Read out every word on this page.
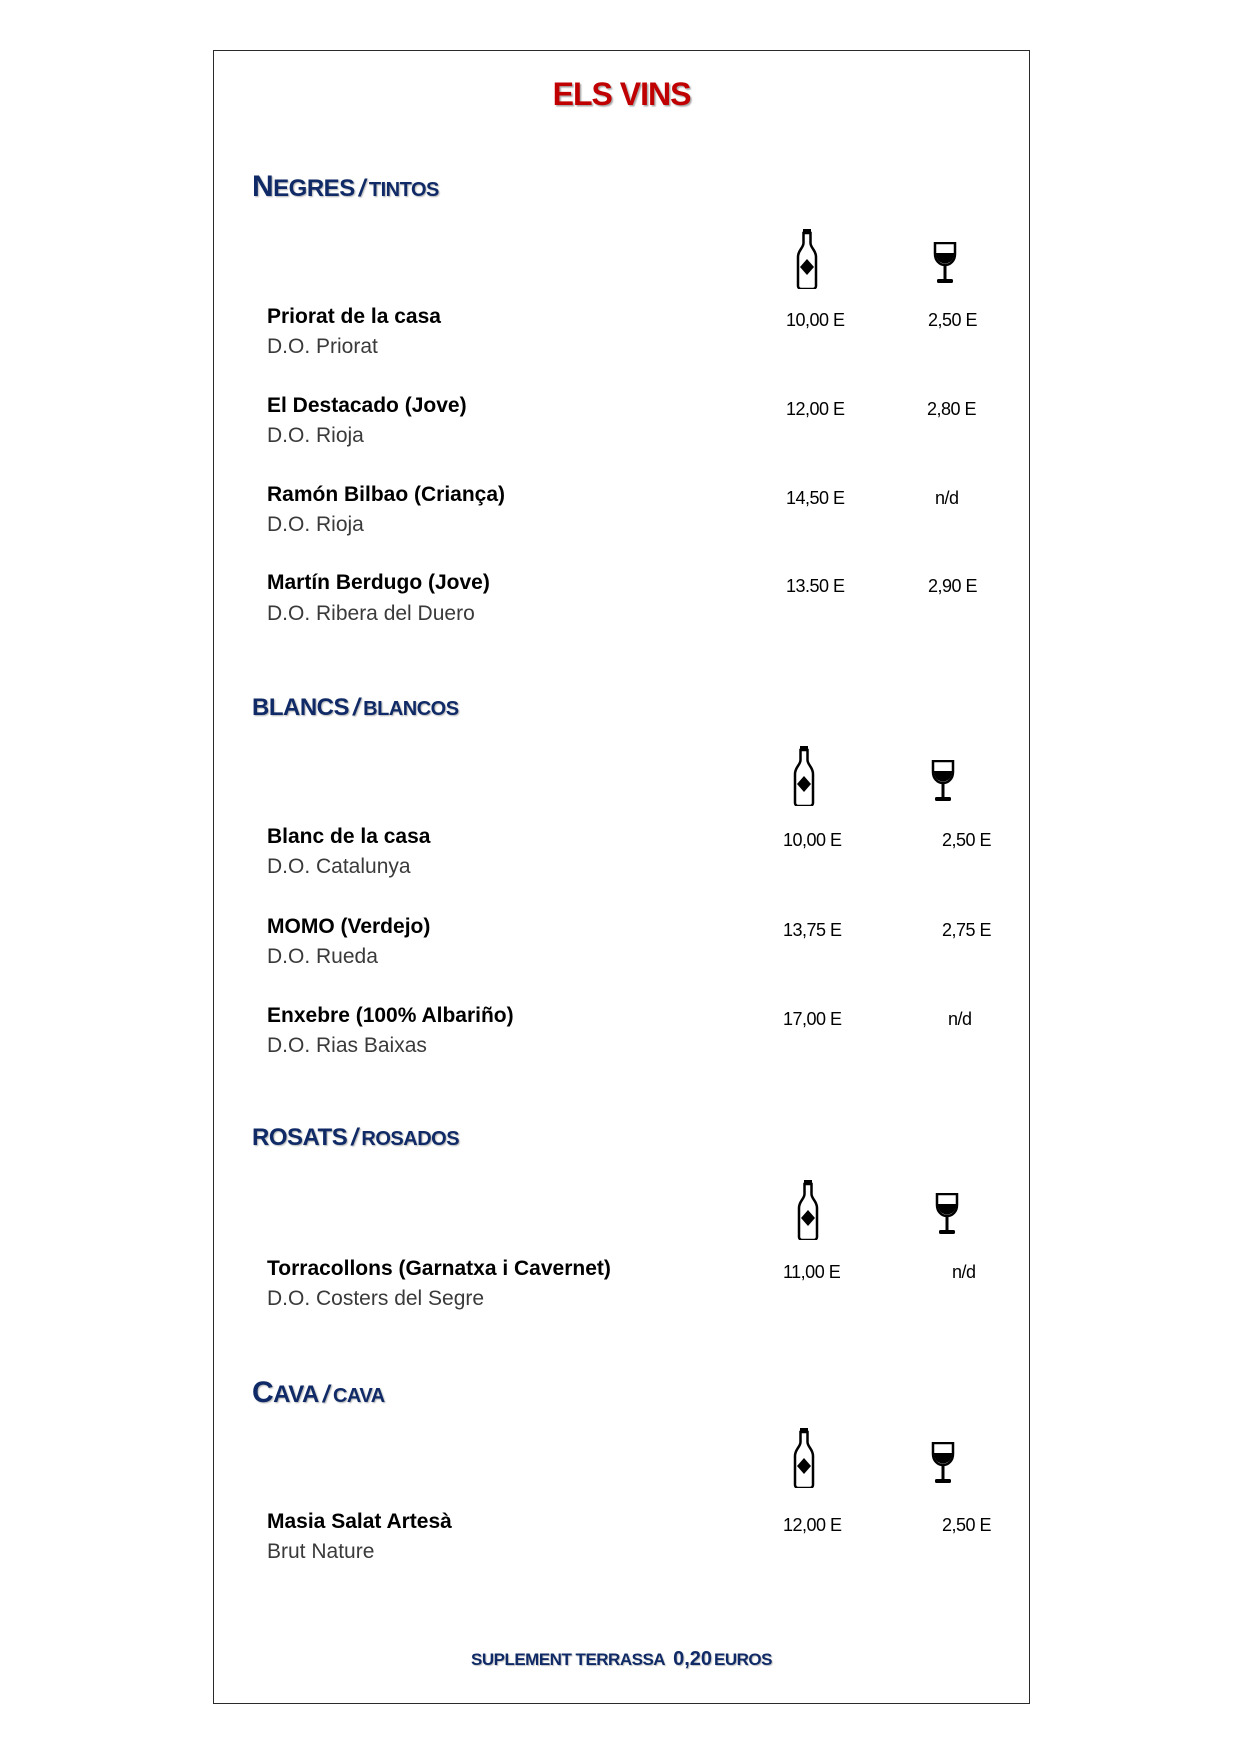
ELS VINS
NEGRES / TINTOS
Priorat de la casa
D.O. Priorat
10,00 E	2,50 E
El Destacado (Jove)
D.O. Rioja
12,00 E	2,80 E
Ramón Bilbao (Criança)
D.O. Rioja
14,50 E	n/d
Martín Berdugo (Jove)
D.O. Ribera del Duero
13.50 E	2,90 E
BLANCS / BLANCOS
Blanc de la casa
D.O. Catalunya
10,00 E	2,50 E
MOMO (Verdejo)
D.O. Rueda
13,75 E	2,75 E
Enxebre (100% Albariño)
D.O. Rias Baixas
17,00 E	n/d
ROSATS / ROSADOS
Torracollons (Garnatxa i Cavernet)
D.O. Costers del Segre
11,00 E	n/d
CAVA / CAVA
Masia Salat Artesà
Brut Nature
12,00 E	2,50 E
SUPLEMENT TERRASSA 0,20 EUROS
